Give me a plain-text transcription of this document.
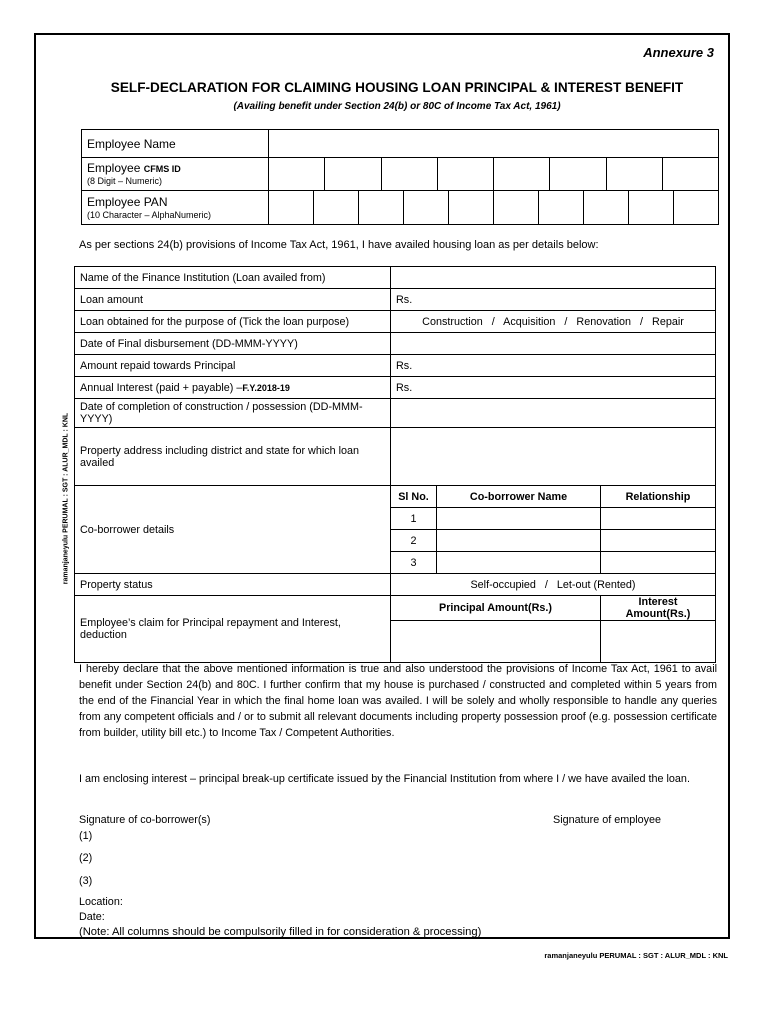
Annexure 3
SELF-DECLARATION FOR CLAIMING HOUSING LOAN PRINCIPAL & INTEREST BENEFIT
(Availing benefit under Section 24(b) or 80C of Income Tax Act, 1961)
ramanjaneyulu PERUMAL : SGT : ALUR_MDL : KNL
Employee Name								
Employee CFMS ID
(8 Digit – Numeric)								

Employee PAN
(10 Character – AlphaNumeric)								

As per sections 24(b) provisions of Income Tax Act, 1961, I have availed housing loan as per details below:
Name of the Finance Institution (Loan availed from)			
Loan amount	Rs.		
Loan obtained for the purpose of (Tick the loan purpose)	Construction   /   Acquisition   /   Renovation   /   Repair		
Date of Final disbursement (DD-MMM-YYYY)			
Amount repaid towards Principal	Rs.		
Annual Interest (paid + payable) –F.Y.2018-19	Rs.		
Date of completion of construction / possession (DD-MMM-YYYY)			
Property address including district and state for which loan availed			
Co-borrower details	Sl No.	Co-borrower Name	Relationship
	1		
	2		
	3		
Property status	Self-occupied   /   Let-out (Rented)		
Employee’s claim for Principal repayment and Interest, deduction	Principal Amount(Rs.)		Interest Amount(Rs.)

I hereby declare that the above mentioned information is true and also understood the provisions of Income Tax Act, 1961 to avail benefit under Section 24(b) and 80C. I further confirm that my house is purchased / constructed and completed within 5 years from the end of the Financial Year in which the final home loan was availed. I will be solely and wholly responsible to handle any queries from any competent officials and / or to submit all relevant documents including property possession proof (e.g. possession certificate from builder, utility bill etc.) to Income Tax / Competent Authorities.
I am enclosing interest – principal break-up certificate issued by the Financial Institution from where I / we have availed the loan.
Signature of co-borrower(s)	Signature of employee
(1)
(2)
(3)
Location:
Date:
(Note: All columns should be compulsorily filled in for consideration & processing)
ramanjaneyulu PERUMAL : SGT : ALUR_MDL : KNL
